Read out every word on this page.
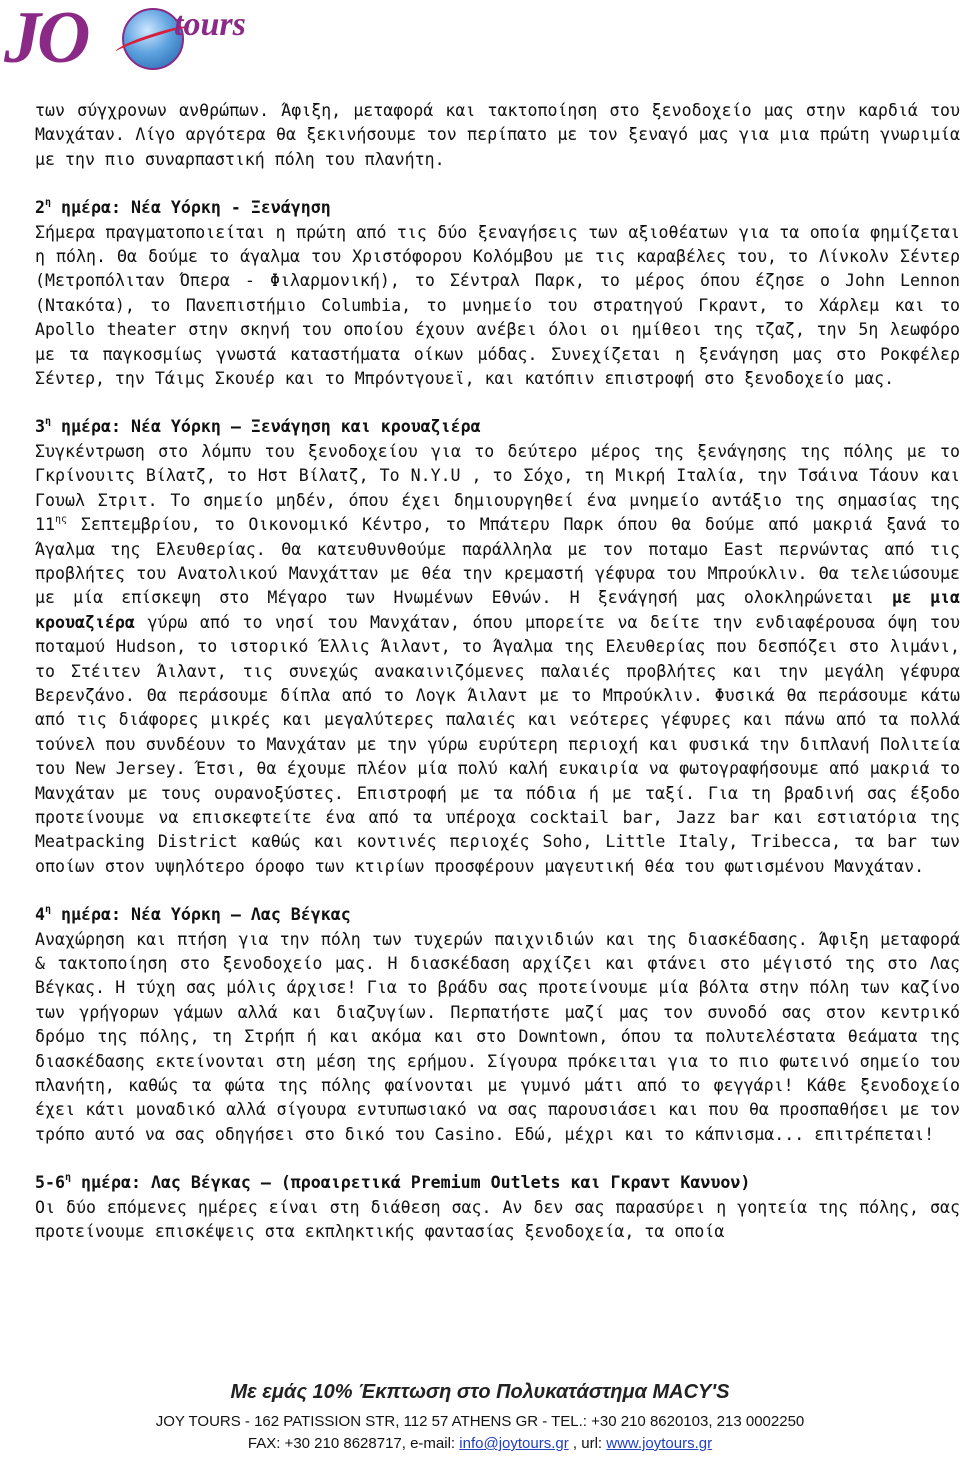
JO	tours

των σύγχρονων ανθρώπων. Άφιξη, μεταφορά και τακτοποίηση στο ξενοδοχείο μας στην καρδιά του Μανχάταν. Λίγο αργότερα θα ξεκινήσουμε τον περίπατο με τον ξεναγό μας για μια πρώτη γνωριμία με την πιο συναρπαστική πόλη του πλανήτη.

$2^\eta$ ημέρα: Νέα Υόρκη - Ξενάγηση

Σήμερα πραγματοποιείται η πρώτη από τις δύο ξεναγήσεις των αξιοθέατων για τα οποία φημίζεται η πόλη. Θα δούμε το άγαλμα του Χριστόφορου Κολόμβου με τις καραβέλες του, το Λίνκολν Σέντερ (Μετροπόλιταν Όπερα - Φιλαρμονική), το Σέντραλ Παρκ, το μέρος όπου έζησε ο John Lennon (Ντακότα), το Πανεπιστήμιο Columbia, το μνημείο του στρατηγού Γκραντ, το Χάρλεμ και το Apollo theater στην σκηνή του οποίου έχουν ανέβει όλοι οι ημίθεοι της τζαζ, την 5η λεωφόρο με τα παγκοσμίως γνωστά καταστήματα οίκων μόδας. Συνεχίζεται η ξενάγηση μας στο Ροκφέλερ Σέντερ, την Τάιμς Σκουέρ και το Μπρόντγουεϊ, και κατόπιν επιστροφή στο ξενοδοχείο μας.

$3^\eta$ ημέρα: Νέα Υόρκη – Ξενάγηση και κρουαζιέρα

Συγκέντρωση στο λόμπυ του ξενοδοχείου για το δεύτερο μέρος της ξενάγησης της πόλης με το Γκρίνουιτς Βίλατζ, το Ηστ Βίλατζ, Το N.Y.U , το Σόχο, τη Μικρή Ιταλία, την Τσάινα Τάουν και Γουωλ Στριτ. Το σημείο μηδέν, όπου έχει δημιουργηθεί ένα μνημείο αντάξιο της σημασίας της $11^{\eta\varsigma}$ Σεπτεμβρίου, το Οικονομικό Κέντρο, το Μπάτερυ Παρκ όπου θα δούμε από μακριά ξανά το Άγαλμα της Ελευθερίας. Θα κατευθυνθούμε παράλληλα με τον ποταμο East περνώντας από τις προβλήτες του Ανατολικού Μανχάτταν με θέα την κρεμαστή γέφυρα του Μπρούκλιν. Θα τελειώσουμε με μία επίσκεψη στο Μέγαρο των Ηνωμένων Εθνών. Η ξενάγησή μας ολοκληρώνεται με μια κρουαζιέρα γύρω από το νησί του Μανχάταν, όπου μπορείτε να δείτε την ενδιαφέρουσα όψη του ποταμού Hudson, το ιστορικό Έλλις Άιλαντ, το Άγαλμα της Ελευθερίας που δεσπόζει στο λιμάνι, το Στέιτεν Άιλαντ, τις συνεχώς ανακαινιζόμενες παλαιές προβλήτες και την μεγάλη γέφυρα Βερενζάνο. Θα περάσουμε δίπλα από το Λογκ Άιλαντ με το Μπρούκλιν. Φυσικά θα περάσουμε κάτω από τις διάφορες μικρές και μεγαλύτερες παλαιές και νεότερες γέφυρες και πάνω από τα πολλά τούνελ που συνδέουν το Μανχάταν με την γύρω ευρύτερη περιοχή και φυσικά την διπλανή Πολιτεία του New Jersey. Έτσι, θα έχουμε πλέον μία πολύ καλή ευκαιρία να φωτογραφήσουμε από μακριά το Μανχάταν με τους ουρανοξύστες. Επιστροφή με τα πόδια ή με ταξί. Για τη βραδινή σας έξοδο προτείνουμε να επισκεφτείτε ένα από τα υπέροχα cocktail bar, Jazz bar και εστιατόρια της Meatpacking District καθώς και κοντινές περιοχές Soho, Little Italy, Tribecca, τα bar των οποίων στον υψηλότερο όροφο των κτιρίων προσφέρουν μαγευτική θέα του φωτισμένου Μανχάταν.

$4^\eta$ ημέρα: Νέα Υόρκη – Λας Βέγκας

Αναχώρηση και πτήση για την πόλη των τυχερών παιχνιδιών και της διασκέδασης. Άφιξη μεταφορά & τακτοποίηση στο ξενοδοχείο μας. Η διασκέδαση αρχίζει και φτάνει στο μέγιστό της στο Λας Βέγκας. Η τύχη σας μόλις άρχισε! Για το βράδυ σας προτείνουμε μία βόλτα στην πόλη των καζίνο των γρήγορων γάμων αλλά και διαζυγίων. Περπατήστε μαζί μας τον συνοδό σας στον κεντρικό δρόμο της πόλης, τη Στρήπ ή και ακόμα και στο Downtown, όπου τα πολυτελέστατα θεάματα της διασκέδασης εκτείνονται στη μέση της ερήμου. Σίγουρα πρόκειται για το πιο φωτεινό σημείο του πλανήτη, καθώς τα φώτα της πόλης φαίνονται με γυμνό μάτι από το φεγγάρι! Κάθε ξενοδοχείο έχει κάτι μοναδικό αλλά σίγουρα εντυπωσιακό να σας παρουσιάσει και που θα προσπαθήσει με τον τρόπο αυτό να σας οδηγήσει στο δικό του Casino. Εδώ, μέχρι και το κάπνισμα... επιτρέπεται!

$5-6^\eta$ ημέρα: Λας Βέγκας – (προαιρετικά Premium Outlets και Γκραντ Κανυον)

Οι δύο επόμενες ημέρες είναι στη διάθεση σας. Αν δεν σας παρασύρει η γοητεία της πόλης, σας προτείνουμε επισκέψεις στα εκπληκτικής φαντασίας ξενοδοχεία, τα οποία

Με εμάς 10% Έκπτωση στο Πολυκατάστημα MACY'S
JOY TOURS - 162 PATISSION STR, 112 57 ATHENS GR - TEL.: +30 210 8620103, 213 0002250
FAX: +30 210 8628717, e-mail: info@joytours.gr , url: www.joytours.gr
